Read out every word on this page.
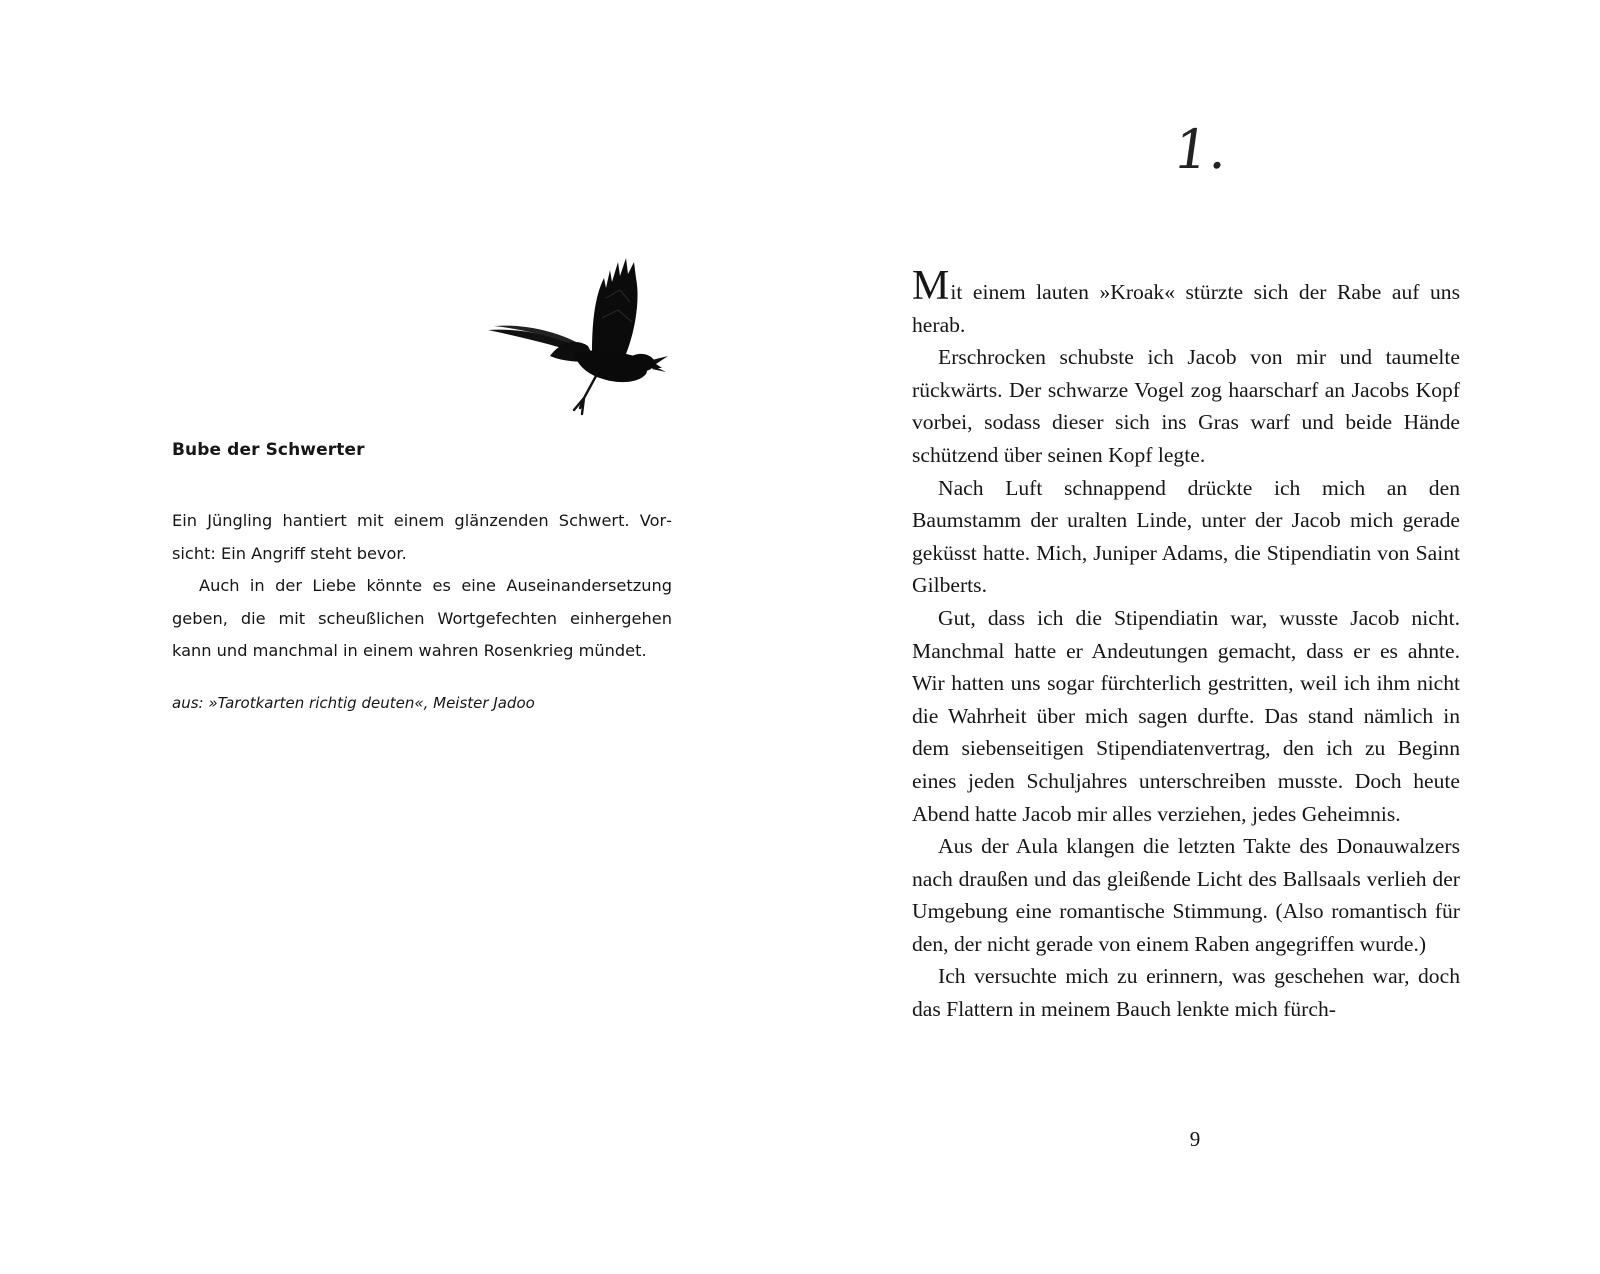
Bube der Schwerter

Ein Jüngling hantiert mit einem glänzenden Schwert. Vorsicht: Ein Angriff steht bevor.

Auch in der Liebe könnte es eine Auseinandersetzung geben, die mit scheußlichen Wortgefechten einhergehen kann und manchmal in einem wahren Rosenkrieg mündet.

aus: »Tarotkarten richtig deuten«, Meister Jadoo

1.

Mit einem lauten »Kroak« stürzte sich der Rabe auf uns herab.

Erschrocken schubste ich Jacob von mir und taumelte rückwärts. Der schwarze Vogel zog haarscharf an Jacobs Kopf vorbei, sodass dieser sich ins Gras warf und beide Hände schützend über seinen Kopf legte.

Nach Luft schnappend drückte ich mich an den Baumstamm der uralten Linde, unter der Jacob mich gerade geküsst hatte. Mich, Juniper Adams, die Stipendiatin von Saint Gilberts.

Gut, dass ich die Stipendiatin war, wusste Jacob nicht. Manchmal hatte er Andeutungen gemacht, dass er es ahnte. Wir hatten uns sogar fürchterlich gestritten, weil ich ihm nicht die Wahrheit über mich sagen durfte. Das stand nämlich in dem siebenseitigen Stipendiatenvertrag, den ich zu Beginn eines jeden Schuljahres unterschreiben musste. Doch heute Abend hatte Jacob mir alles verziehen, jedes Geheimnis.

Aus der Aula klangen die letzten Takte des Donauwalzers nach draußen und das gleißende Licht des Ballsaals verlieh der Umgebung eine romantische Stimmung. (Also romantisch für den, der nicht gerade von einem Raben angegriffen wurde.)

Ich versuchte mich zu erinnern, was geschehen war, doch das Flattern in meinem Bauch lenkte mich fürch-

9
